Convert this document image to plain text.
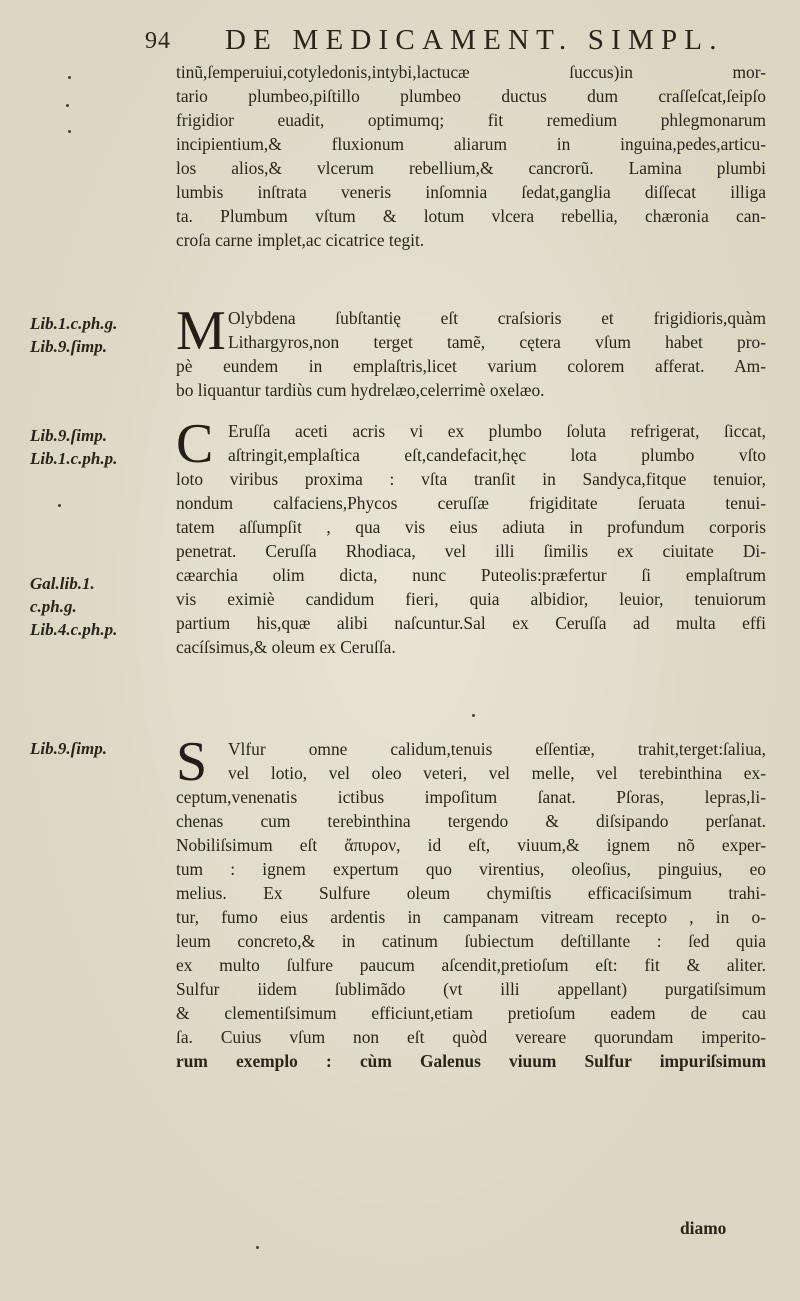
94 DE MEDICAMENT. SIMPL.
tinũ,ſemperuiui,cotyledonis,intybi,lactucæ ſuccus)in mor-
tario plumbeo,piſtillo plumbeo ductus dum craſſeſcat,ſeipſo
frigidior euadit, optimumq; fit remedium phlegmonarum
incipientium,& fluxionum aliarum in inguina,pedes,articu-
los alios,& vlcerum rebellium,& cancrorũ. Lamina plumbi
lumbis inſtrata veneris inſomnia ſedat,ganglia diſſecat illiga
ta. Plumbum vſtum & lotum vlcera rebellia, chæronia can-
croſa carne implet,ac cicatrice tegit.
M Olybdena ſubſtantię eſt craſsioris et frigidioris,quàm
Lithargyros,non terget tamẽ, cętera vſum habet pro-
pè eundem in emplaſtris,licet varium colorem afferat. Am-
bo liquantur tardiùs cum hydrelæo,celerrimè oxelæo.
C Eruſſa aceti acris vi ex plumbo ſoluta refrigerat, ſiccat,
aſtringit,emplaſtica eſt,candefacit,hęc lota plumbo vſto
loto viribus proxima : vſta tranſit in Sandyca,fitque tenuior,
nondum calfaciens,Phycos ceruſſæ frigiditate ſeruata tenui-
tatem aſſumpſit , qua vis eius adiuta in profundum corporis
penetrat. Ceruſſa Rhodiaca, vel illi ſimilis ex ciuitate Di-
cæarchia olim dicta, nunc Puteolis:præfertur ſi emplaſtrum
vis eximiè candidum fieri, quia albidior, leuior, tenuiorum
partium his,quæ alibi naſcuntur.Sal ex Ceruſſa ad multa effi
cacíſsimus,& oleum ex Ceruſſa.
S	Vlfur omne calidum,tenuis eſſentiæ, trahit,terget:ſaliua,
vel lotio, vel oleo veteri, vel melle, vel terebinthina ex-
ceptum,venenatis ictibus impoſitum ſanat. Pſoras, lepras,li-
chenas cum terebinthina tergendo & diſsipando perſanat.
Nobiliſsimum eſt ἄπυρον, id eſt, viuum,& ignem nõ exper-
tum : ignem expertum quo virentius, oleoſius, pinguius, eo
melius. Ex Sulfure oleum chymiſtis efficaciſsimum trahi-
tur, fumo eius ardentis in campanam vitream recepto , in o-
leum concreto,& in catinum ſubiectum deſtillante : ſed quia
ex multo ſulfure paucum aſcendit,pretioſum eſt: fit & aliter.
Sulfur iidem ſublimãdo (vt illi appellant) purgatiſsimum
& clementiſsimum efficiunt,etiam pretioſum eadem de cau
ſa. Cuius vſum non eſt quòd vereare quorundam imperito-
rum exemplo : cùm Galenus viuum Sulfur impuriſsimum
diamo
Lib.1.c.ph.g.
Lib.9.ſimp.
Lib.9.ſimp.
Lib.1.c.ph.p.
Gal.lib.1.
c.ph.g.
Lib.4.c.ph.p.
Lib.9.ſimp.
